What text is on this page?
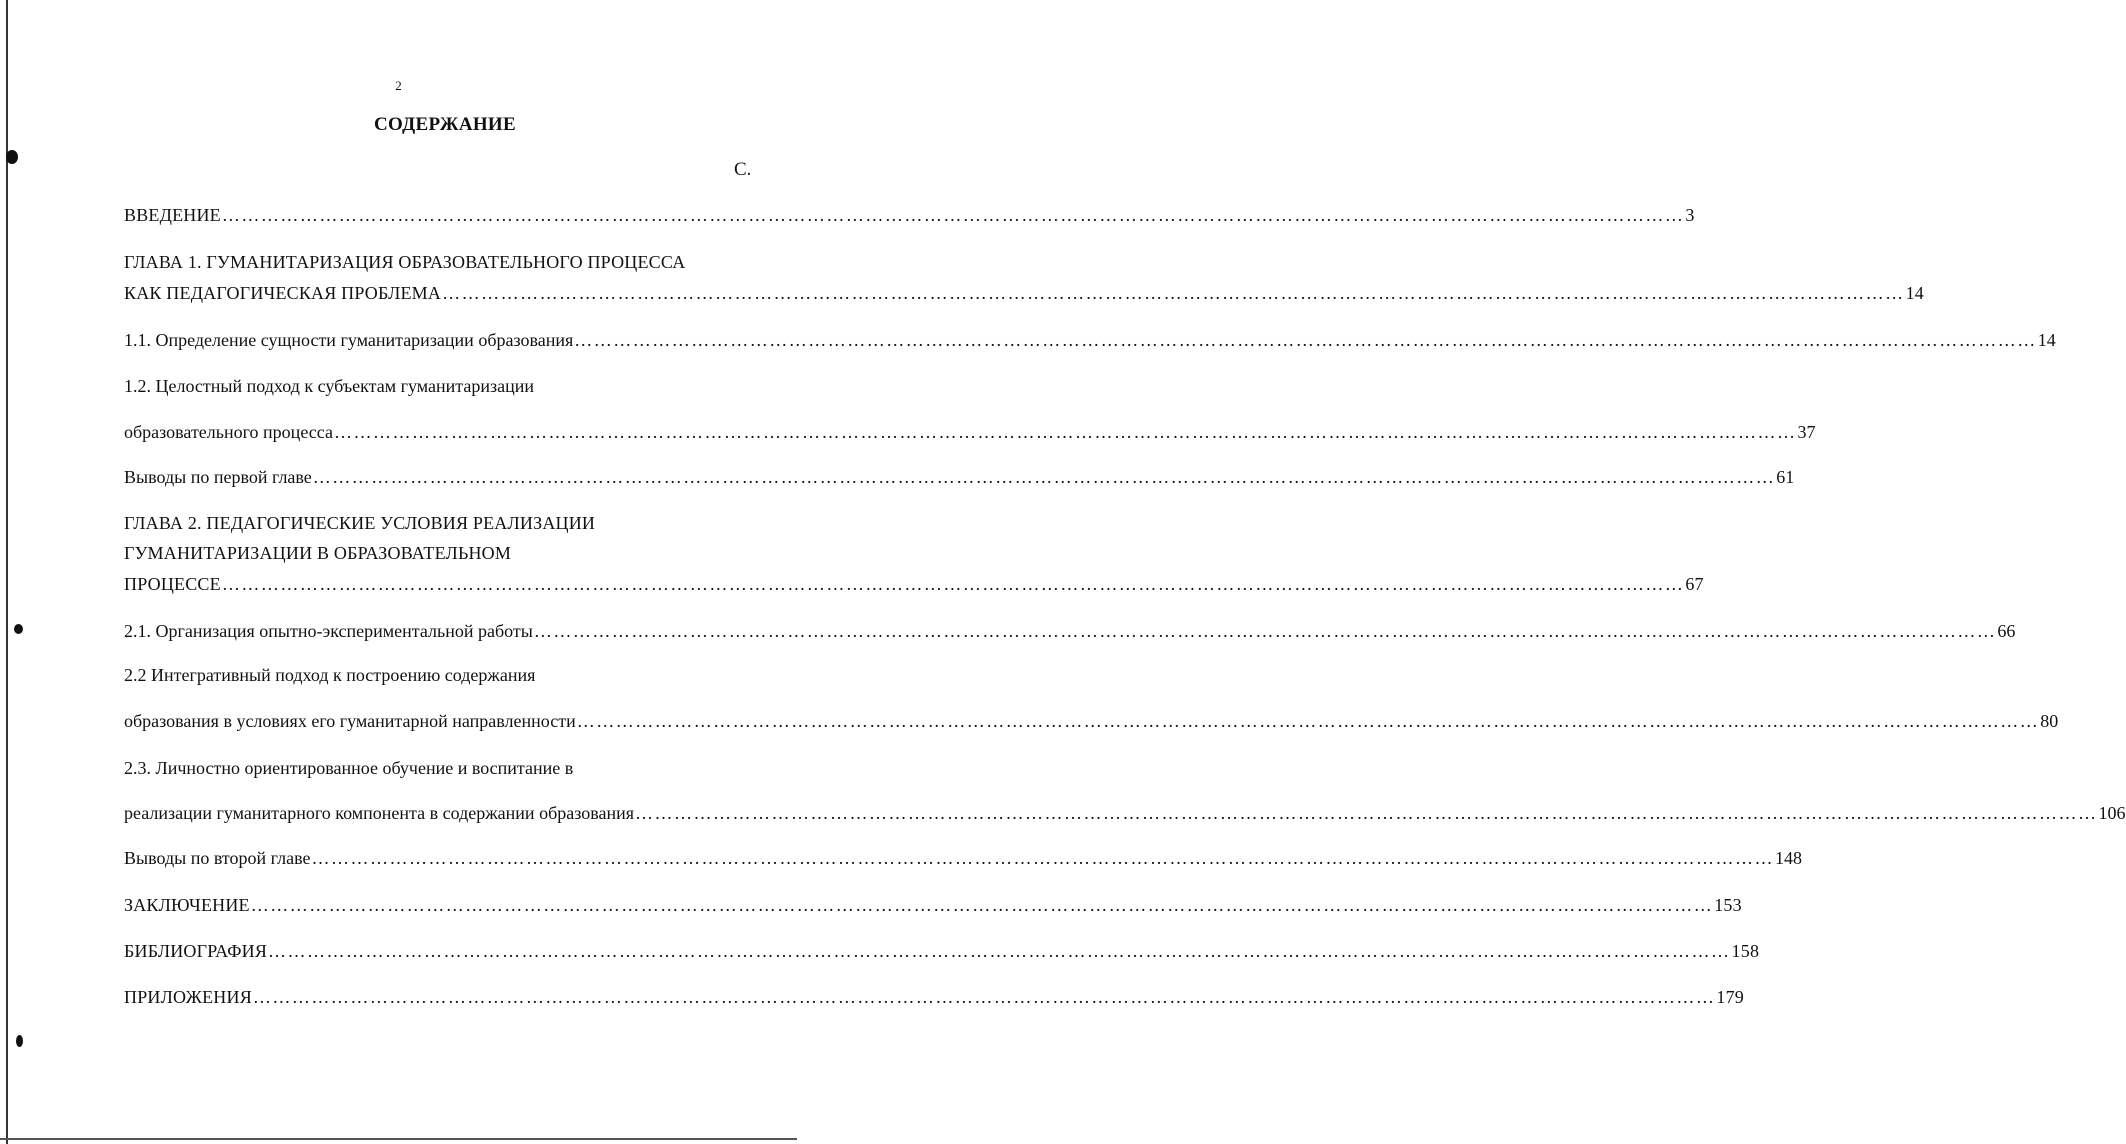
2
СОДЕРЖАНИЕ
С.
ВВЕДЕНИЕ ……………………………………………………………………………………………………………………………………………………………………………………………………… 3
ГЛАВА 1. ГУМАНИТАРИЗАЦИЯ ОБРАЗОВАТЕЛЬНОГО ПРОЦЕССА
КАК ПЕДАГОГИЧЕСКАЯ ПРОБЛЕМА ……………………………………………………………………………………………………………………………………………………………………………………………………… 14
1.1. Определение сущности гуманитаризации образования ……………………………………………………………………………………………………………………………………………………………………………………………………… 14
1.2. Целостный подход к субъектам гуманитаризации
образовательного процесса ……………………………………………………………………………………………………………………………………………………………………………………………………… 37
Выводы по первой главе ……………………………………………………………………………………………………………………………………………………………………………………………………… 61
ГЛАВА 2. ПЕДАГОГИЧЕСКИЕ УСЛОВИЯ РЕАЛИЗАЦИИ
ГУМАНИТАРИЗАЦИИ В ОБРАЗОВАТЕЛЬНОМ
ПРОЦЕССЕ ……………………………………………………………………………………………………………………………………………………………………………………………………… 67
2.1. Организация опытно-экспериментальной работы ……………………………………………………………………………………………………………………………………………………………………………………………………… 66
2.2 Интегративный подход к построению содержания
образования в условиях его гуманитарной направленности ……………………………………………………………………………………………………………………………………………………………………………………………………… 80
2.3. Личностно ориентированное обучение и воспитание в
реализации гуманитарного компонента в содержании образования ……………………………………………………………………………………………………………………………………………………………………………………………………… 106
Выводы по второй главе ……………………………………………………………………………………………………………………………………………………………………………………………………… 148
ЗАКЛЮЧЕНИЕ ……………………………………………………………………………………………………………………………………………………………………………………………………… 153
БИБЛИОГРАФИЯ ……………………………………………………………………………………………………………………………………………………………………………………………………… 158
ПРИЛОЖЕНИЯ ……………………………………………………………………………………………………………………………………………………………………………………………………… 179
